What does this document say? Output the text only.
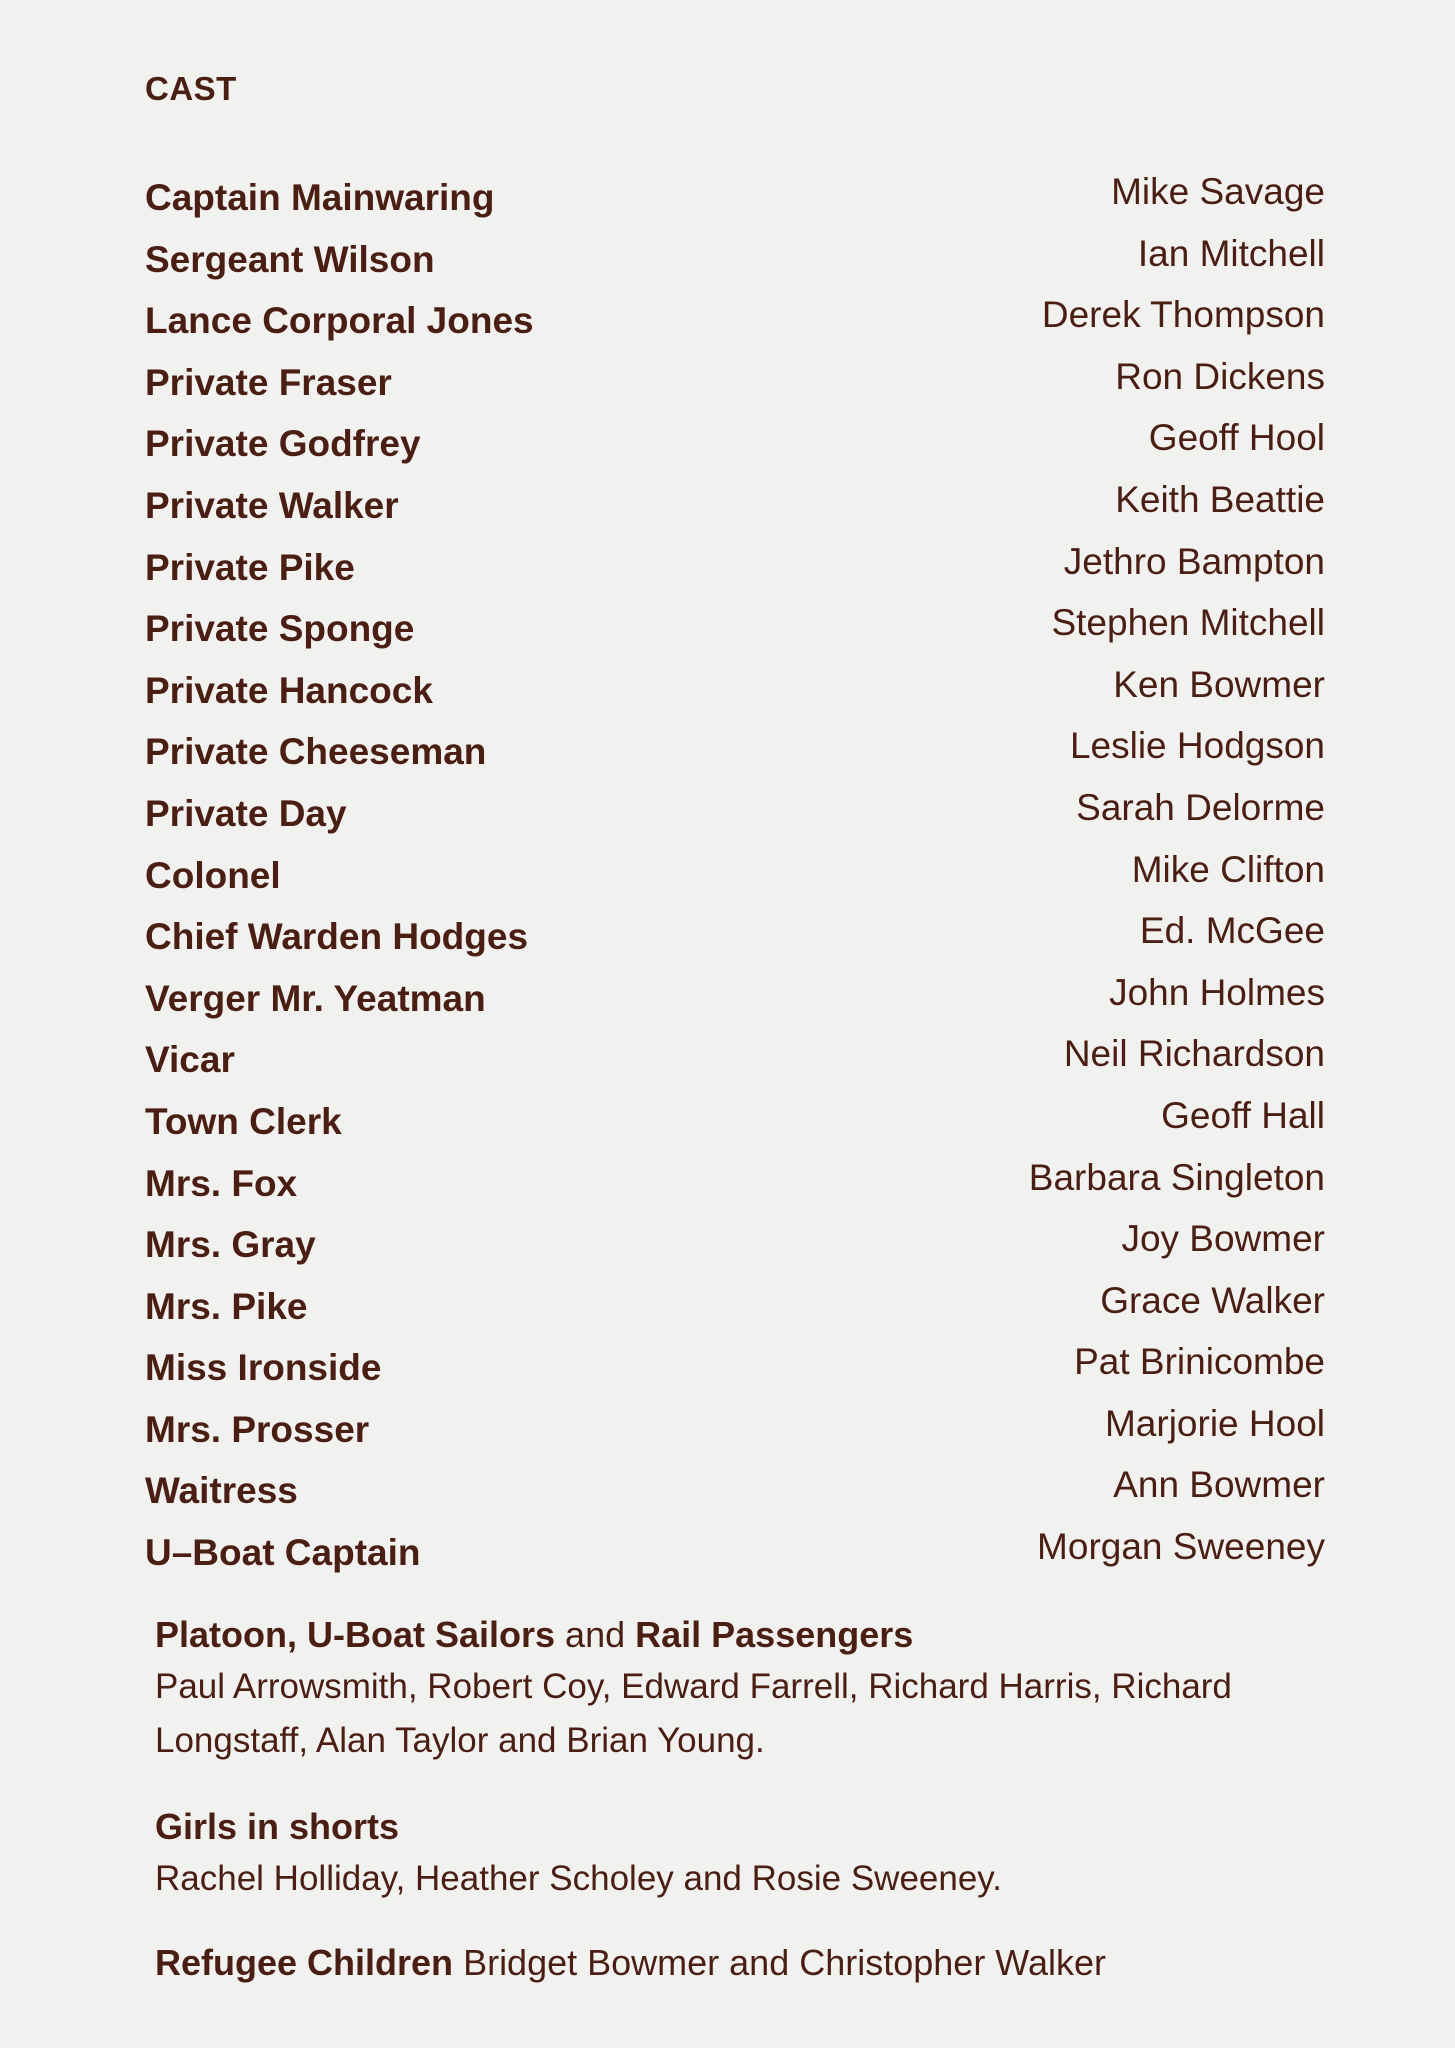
CAST
Captain Mainwaring	Mike Savage
Sergeant Wilson	Ian Mitchell
Lance Corporal Jones	Derek Thompson
Private Fraser	Ron Dickens
Private Godfrey	Geoff Hool
Private Walker	Keith Beattie
Private Pike	Jethro Bampton
Private Sponge	Stephen Mitchell
Private Hancock	Ken Bowmer
Private Cheeseman	Leslie Hodgson
Private Day	Sarah Delorme
Colonel	Mike Clifton
Chief Warden Hodges	Ed. McGee
Verger Mr. Yeatman	John Holmes
Vicar	Neil Richardson
Town Clerk	Geoff Hall
Mrs. Fox	Barbara Singleton
Mrs. Gray	Joy Bowmer
Mrs. Pike	Grace Walker
Miss Ironside	Pat Brinicombe
Mrs. Prosser	Marjorie Hool
Waitress	Ann Bowmer
U–Boat Captain	Morgan Sweeney
Platoon, U-Boat Sailors and Rail Passengers
Paul Arrowsmith, Robert Coy, Edward Farrell, Richard Harris, Richard
Longstaff, Alan Taylor and Brian Young.
Girls in shorts
Rachel Holliday, Heather Scholey and Rosie Sweeney.
Refugee Children Bridget Bowmer and Christopher Walker
